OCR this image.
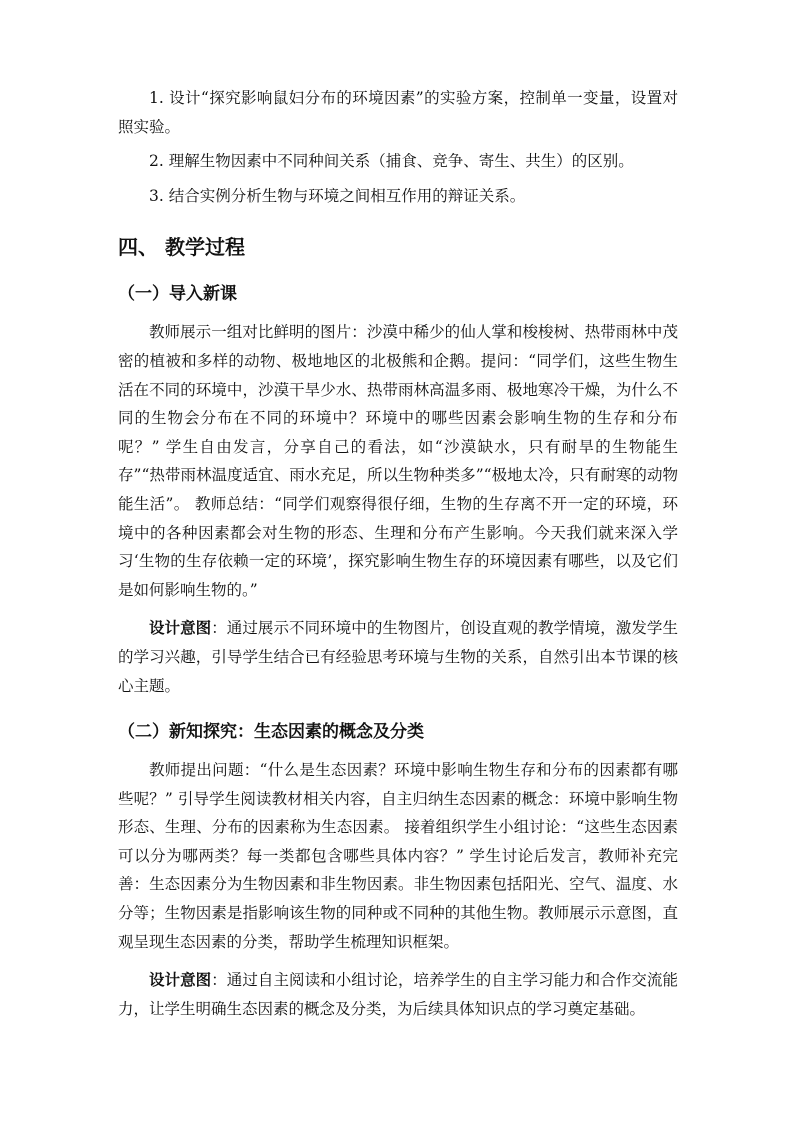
1. 设计“探究影响鼠妇分布的环境因素”的实验方案，控制单一变量，设置对照实验。

2. 理解生物因素中不同种间关系（捕食、竞争、寄生、共生）的区别。

3. 结合实例分析生物与环境之间相互作用的辩证关系。

四、 教学过程
（一）导入新课

教师展示一组对比鲜明的图片：沙漠中稀少的仙人掌和梭梭树、热带雨林中茂密的植被和多样的动物、极地地区的北极熊和企鹅。提问：“同学们，这些生物生活在不同的环境中，沙漠干旱少水、热带雨林高温多雨、极地寒冷干燥，为什么不同的生物会分布在不同的环境中？环境中的哪些因素会影响生物的生存和分布呢？” 学生自由发言，分享自己的看法，如“沙漠缺水，只有耐旱的生物能生存”“热带雨林温度适宜、雨水充足，所以生物种类多”“极地太冷，只有耐寒的动物能生活”。 教师总结：“同学们观察得很仔细，生物的生存离不开一定的环境，环境中的各种因素都会对生物的形态、生理和分布产生影响。今天我们就来深入学习‘生物的生存依赖一定的环境’，探究影响生物生存的环境因素有哪些，以及它们是如何影响生物的。”

设计意图：通过展示不同环境中的生物图片，创设直观的教学情境，激发学生的学习兴趣，引导学生结合已有经验思考环境与生物的关系，自然引出本节课的核心主题。

（二）新知探究：生态因素的概念及分类

教师提出问题：“什么是生态因素？环境中影响生物生存和分布的因素都有哪些呢？” 引导学生阅读教材相关内容，自主归纳生态因素的概念：环境中影响生物形态、生理、分布的因素称为生态因素。 接着组织学生小组讨论：“这些生态因素可以分为哪两类？每一类都包含哪些具体内容？” 学生讨论后发言，教师补充完善：生态因素分为生物因素和非生物因素。非生物因素包括阳光、空气、温度、水分等；生物因素是指影响该生物的同种或不同种的其他生物。教师展示示意图，直观呈现生态因素的分类，帮助学生梳理知识框架。

设计意图：通过自主阅读和小组讨论，培养学生的自主学习能力和合作交流能力，让学生明确生态因素的概念及分类，为后续具体知识点的学习奠定基础。
